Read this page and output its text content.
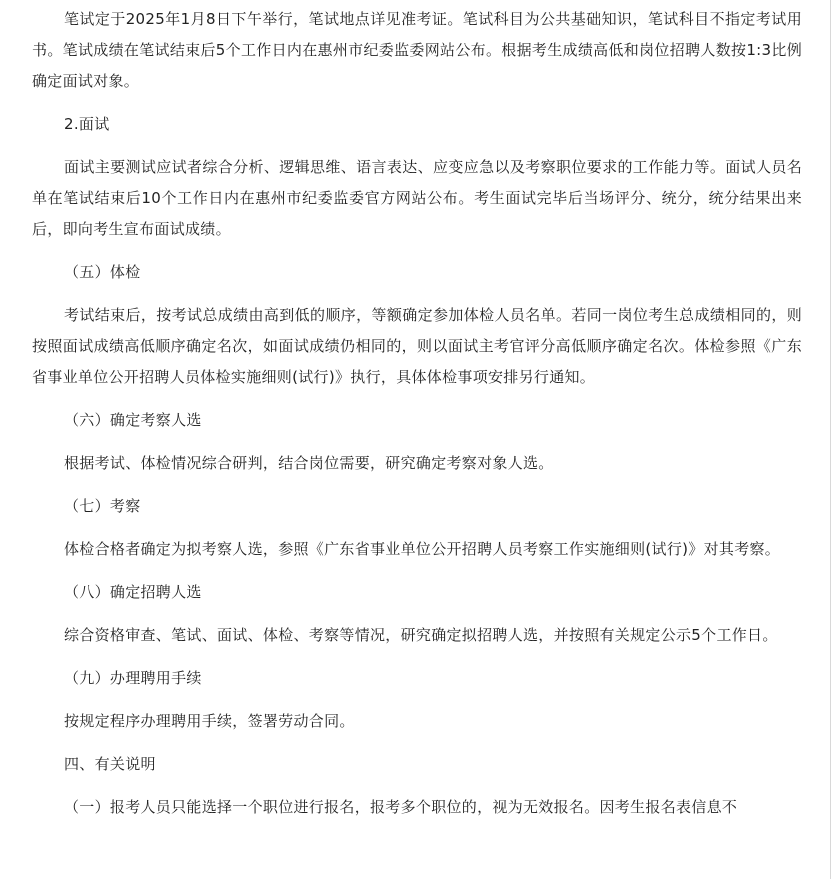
笔试定于2025年1月8日下午举行，笔试地点详见准考证。笔试科目为公共基础知识，笔试科目不指定考试用书。笔试成绩在笔试结束后5个工作日内在惠州市纪委监委网站公布。根据考生成绩高低和岗位招聘人数按1:3比例确定面试对象。

2.面试

面试主要测试应试者综合分析、逻辑思维、语言表达、应变应急以及考察职位要求的工作能力等。面试人员名单在笔试结束后10个工作日内在惠州市纪委监委官方网站公布。考生面试完毕后当场评分、统分，统分结果出来后，即向考生宣布面试成绩。

（五）体检

考试结束后，按考试总成绩由高到低的顺序，等额确定参加体检人员名单。若同一岗位考生总成绩相同的，则按照面试成绩高低顺序确定名次，如面试成绩仍相同的，则以面试主考官评分高低顺序确定名次。体检参照《广东省事业单位公开招聘人员体检实施细则(试行)》执行，具体体检事项安排另行通知。

（六）确定考察人选

根据考试、体检情况综合研判，结合岗位需要，研究确定考察对象人选。

（七）考察

体检合格者确定为拟考察人选，参照《广东省事业单位公开招聘人员考察工作实施细则(试行)》对其考察。

（八）确定招聘人选

综合资格审查、笔试、面试、体检、考察等情况，研究确定拟招聘人选，并按照有关规定公示5个工作日。

（九）办理聘用手续

按规定程序办理聘用手续，签署劳动合同。

四、有关说明

（一）报考人员只能选择一个职位进行报名，报考多个职位的，视为无效报名。因考生报名表信息不
